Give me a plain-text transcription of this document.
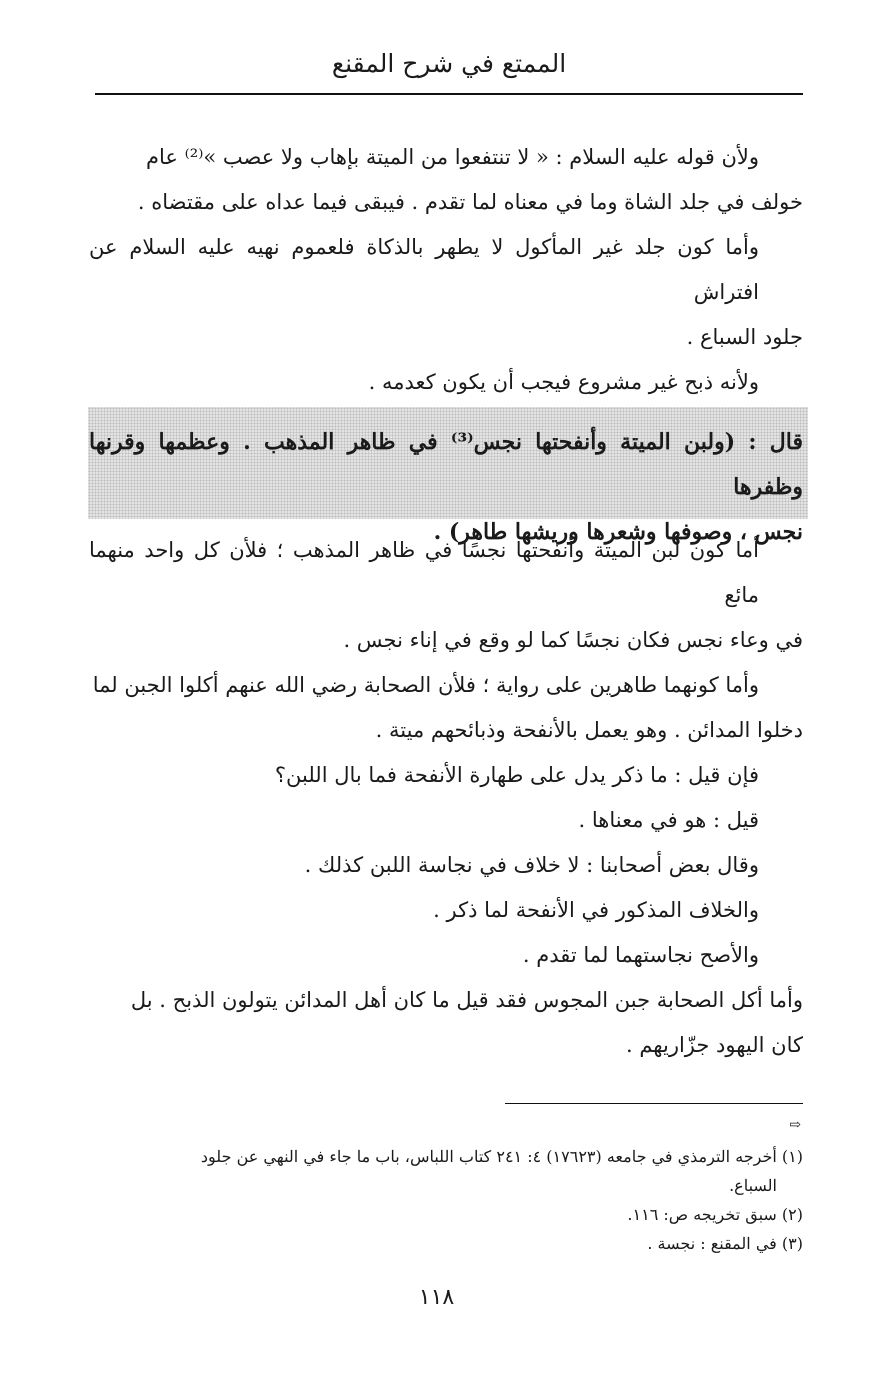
الممتع في شرح المقنع
ولأن قوله عليه السلام : « لا تنتفعوا من الميتة بإهاب ولا عصب »⁽²⁾ عام
خولف في جلد الشاة وما في معناه لما تقدم . فيبقى فيما عداه على مقتضاه .
وأما كون جلد غير المأكول لا يطهر بالذكاة فلعموم نهيه عليه السلام عن افتراش
جلود السباع .
ولأنه ذبح غير مشروع فيجب أن يكون كعدمه .
قال : (ولبن الميتة وأنفحتها نجس⁽³⁾ في ظاهر المذهب . وعظمها وقرنها وظفرها
نجس ، وصوفها وشعرها وريشها طاهر) .
أما كون لبن الميتة وأنفحتها نجسًا في ظاهر المذهب ؛ فلأن كل واحد منهما مائع
في وعاء نجس فكان نجسًا كما لو وقع في إناء نجس .
وأما كونهما طاهرين على رواية ؛ فلأن الصحابة رضي الله عنهم أكلوا الجبن لما
دخلوا المدائن . وهو يعمل بالأنفحة وذبائحهم ميتة .
فإن قيل : ما ذكر يدل على طهارة الأنفحة فما بال اللبن؟
قيل : هو في معناها .
وقال بعض أصحابنا : لا خلاف في نجاسة اللبن كذلك .
والخلاف المذكور في الأنفحة لما ذكر .
والأصح نجاستهما لما تقدم .
وأما أكل الصحابة جبن المجوس فقد قيل ما كان أهل المدائن يتولون الذبح . بل
كان اليهود جزّاريهم .
⇨
(١) أخرجه الترمذي في جامعه (١٧٦٢٣) ٤: ٢٤١ كتاب اللباس، باب ما جاء في النهي عن جلود
السباع.
(٢) سبق تخريجه ص: ١١٦.
(٣) في المقنع : نجسة .
١١٨
